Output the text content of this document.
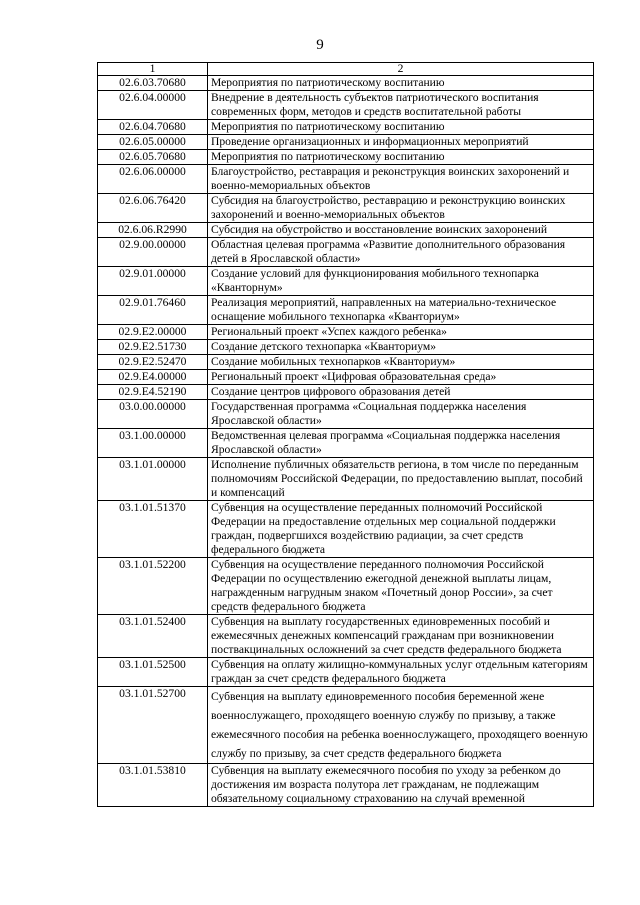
9
1	2
02.6.03.70680	Мероприятия по патриотическому воспитанию
02.6.04.00000	Внедрение в деятельность субъектов патриотического воспитания современных форм, методов и средств воспитательной работы
02.6.04.70680	Мероприятия по патриотическому воспитанию
02.6.05.00000	Проведение организационных и информационных мероприятий
02.6.05.70680	Мероприятия по патриотическому воспитанию
02.6.06.00000	Благоустройство, реставрация и реконструкция воинских захоронений и военно-мемориальных объектов
02.6.06.76420	Субсидия на благоустройство, реставрацию и реконструкцию воинских захоронений и военно-мемориальных объектов
02.6.06.R2990	Субсидия на обустройство и восстановление воинских захоронений
02.9.00.00000	Областная целевая программа «Развитие дополнительного образования детей в Ярославской области»
02.9.01.00000	Создание условий для функционирования мобильного технопарка «Кванторнум»
02.9.01.76460	Реализация мероприятий, направленных на материально-техническое оснащение мобильного технопарка «Кванториум»
02.9.E2.00000	Региональный проект «Успех каждого ребенка»
02.9.E2.51730	Создание детского технопарка «Кванториум»
02.9.E2.52470	Создание мобильных технопарков «Кванториум»
02.9.E4.00000	Региональный проект «Цифровая образовательная среда»
02.9.E4.52190	Создание центров цифрового образования детей
03.0.00.00000	Государственная программа «Социальная поддержка населения Ярославской области»
03.1.00.00000	Ведомственная целевая программа «Социальная поддержка населения Ярославской области»
03.1.01.00000	Исполнение публичных обязательств региона, в том числе по переданным полномочиям Российской Федерации, по предоставлению выплат, пособий и компенсаций
03.1.01.51370	Субвенция на осуществление переданных полномочий Российской Федерации на предоставление отдельных мер социальной поддержки граждан, подвергшихся воздействию радиации, за счет средств федерального бюджета
03.1.01.52200	Субвенция на осуществление переданного полномочия Российской Федерации по осуществлению ежегодной денежной выплаты лицам, награжденным нагрудным знаком «Почетный донор России», за счет средств федерального бюджета
03.1.01.52400	Субвенция на выплату государственных единовременных пособий и ежемесячных денежных компенсаций гражданам при возникновении поствакцинальных осложнений за счет средств федерального бюджета
03.1.01.52500	Субвенция на оплату жилищно-коммунальных услуг отдельным категориям граждан за счет средств федерального бюджета
03.1.01.52700	Субвенция на выплату единовременного пособия беременной жене военнослужащего, проходящего военную службу по призыву, а также ежемесячного пособия на ребенка военнослужащего, проходящего военную службу по призыву, за счет средств федерального бюджета
03.1.01.53810	Субвенция на выплату ежемесячного пособия по уходу за ребенком до достижения им возраста полутора лет гражданам, не подлежащим обязательному социальному страхованию на случай временной
